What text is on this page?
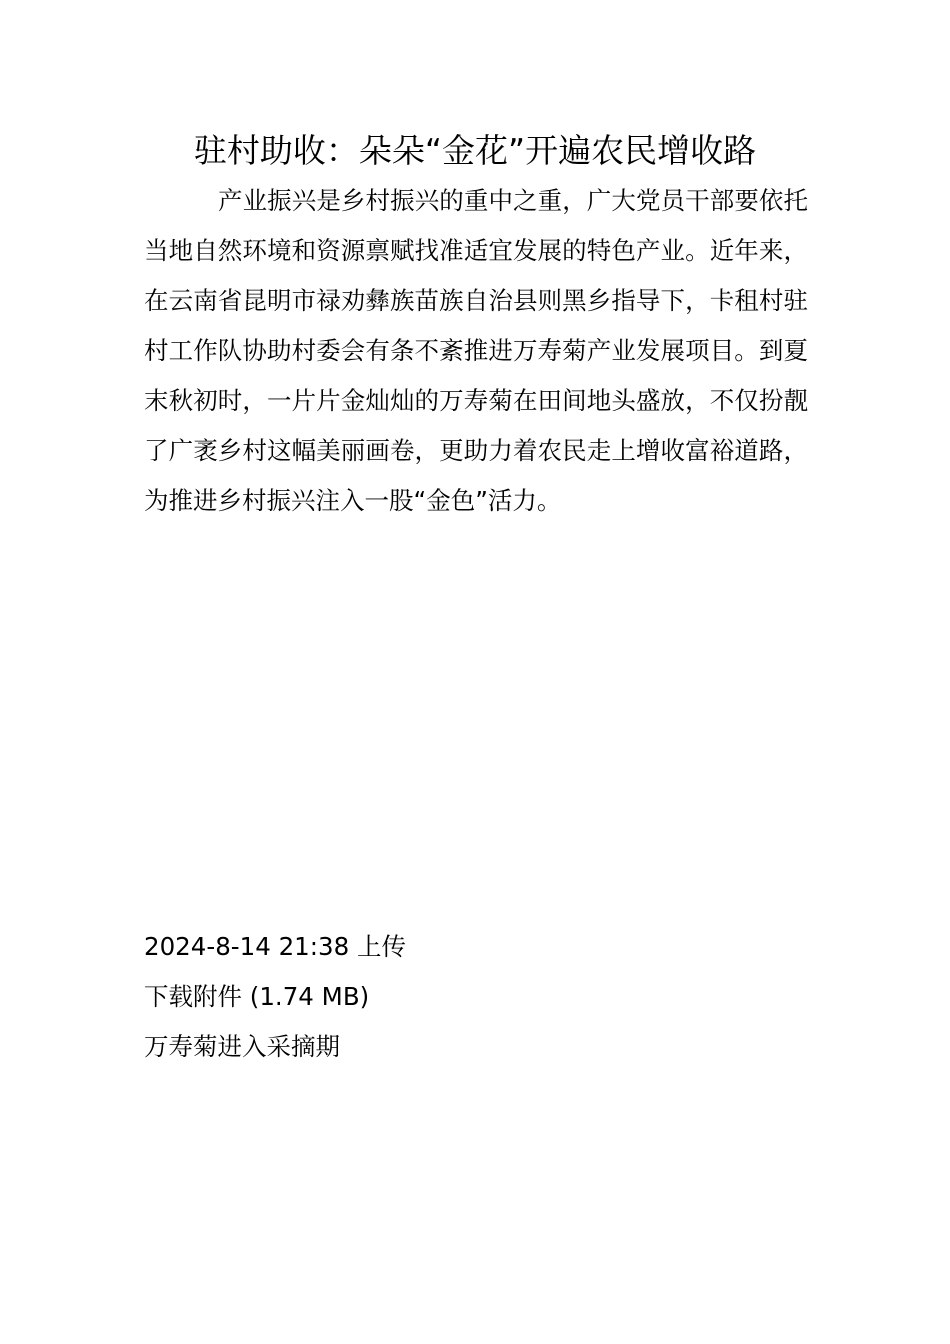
驻村助收：朵朵“金花”开遍农民增收路

产业振兴是乡村振兴的重中之重，广大党员干部要依托当地自然环境和资源禀赋找准适宜发展的特色产业。近年来，在云南省昆明市禄劝彝族苗族自治县则黑乡指导下，卡租村驻村工作队协助村委会有条不紊推进万寿菊产业发展项目。到夏末秋初时，一片片金灿灿的万寿菊在田间地头盛放，不仅扮靓了广袤乡村这幅美丽画卷，更助力着农民走上增收富裕道路，为推进乡村振兴注入一股“金色”活力。

2024-8-14 21:38 上传
下载附件 (1.74 MB)
万寿菊进入采摘期
